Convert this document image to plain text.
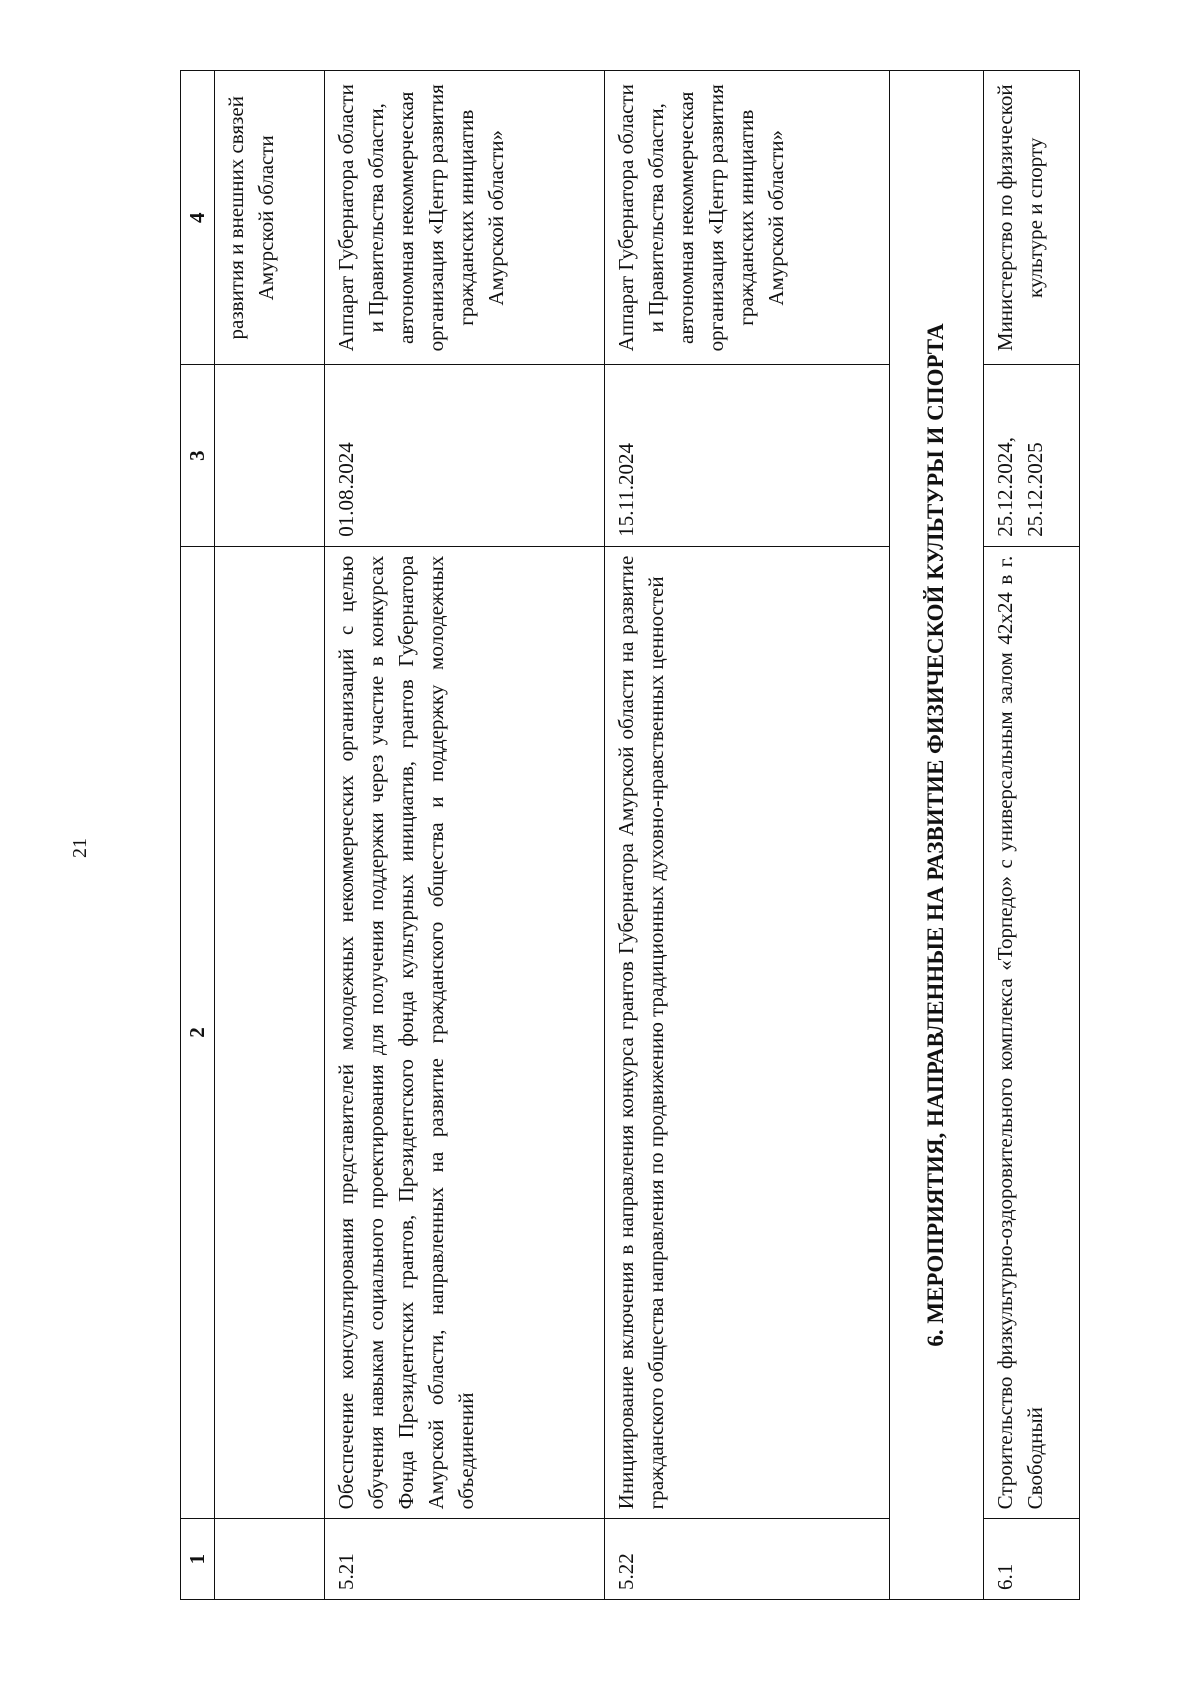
21
1	2	3	4
			развития и внешних связей Амурской области
5.21	Обеспечение консультирования представителей молодежных некоммерческих организаций с целью обучения навыкам социального проектирования для получения поддержки через участие в конкурсах Фонда Президентских грантов, Президентского фонда культурных инициатив, грантов Губернатора Амурской области, направленных на развитие гражданского общества и поддержку молодежных объединений	01.08.2024	Аппарат Губернатора области и Правительства области, автономная некоммерческая организация «Центр развития гражданских инициатив Амурской области»
5.22	Инициирование включения в направления конкурса грантов Губернатора Амурской области на развитие гражданского общества направления по продвижению традиционных духовно-нравственных ценностей	15.11.2024	Аппарат Губернатора области и Правительства области, автономная некоммерческая организация «Центр развития гражданских инициатив Амурской области»
6. МЕРОПРИЯТИЯ, НАПРАВЛЕННЫЕ НА РАЗВИТИЕ ФИЗИЧЕСКОЙ КУЛЬТУРЫ И СПОРТА			
6.1	Строительство физкультурно-оздоровительного комплекса «Торпедо» с универсальным залом 42х24 в г. Свободный	25.12.2024, 25.12.2025	Министерство по физической культуре и спорту
